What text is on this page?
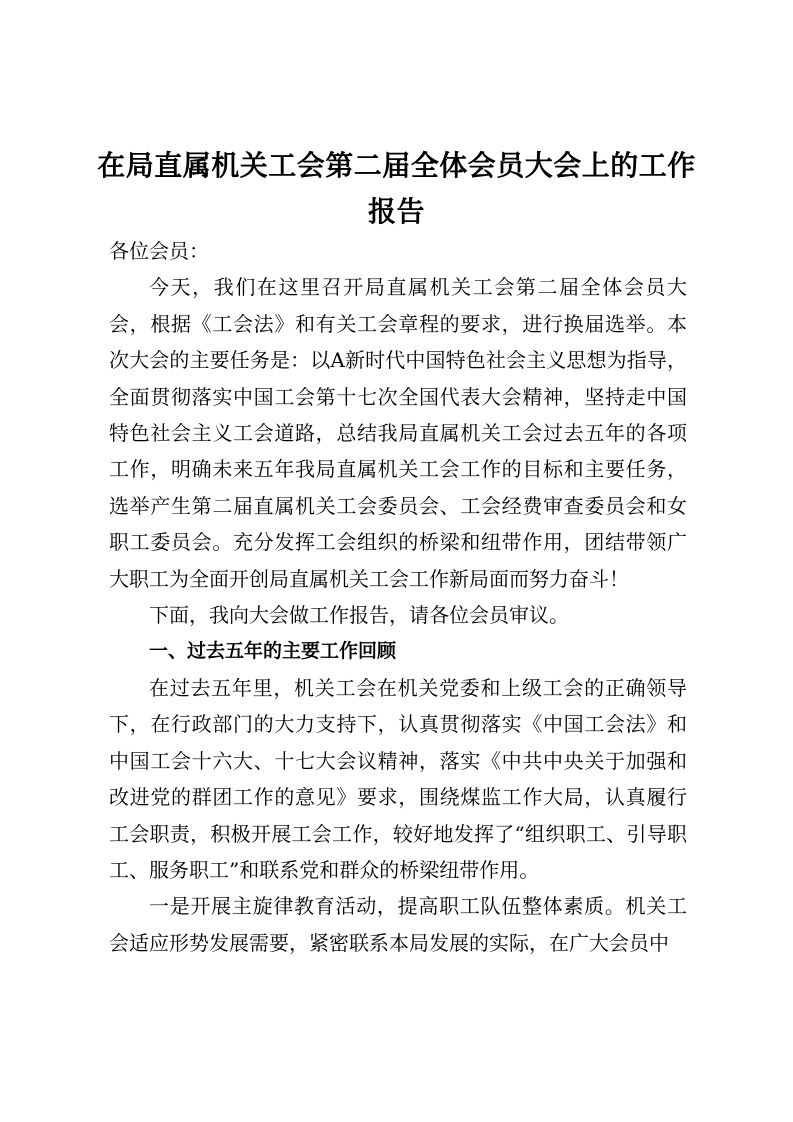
在局直属机关工会第二届全体会员大会上的工作报告

各位会员：

今天，我们在这里召开局直属机关工会第二届全体会员大会，根据《工会法》和有关工会章程的要求，进行换届选举。本次大会的主要任务是：以A新时代中国特色社会主义思想为指导，全面贯彻落实中国工会第十七次全国代表大会精神，坚持走中国特色社会主义工会道路，总结我局直属机关工会过去五年的各项工作，明确未来五年我局直属机关工会工作的目标和主要任务，选举产生第二届直属机关工会委员会、工会经费审查委员会和女职工委员会。充分发挥工会组织的桥梁和纽带作用，团结带领广大职工为全面开创局直属机关工会工作新局面而努力奋斗！

下面，我向大会做工作报告，请各位会员审议。

一、过去五年的主要工作回顾

在过去五年里，机关工会在机关党委和上级工会的正确领导下，在行政部门的大力支持下，认真贯彻落实《中国工会法》和中国工会十六大、十七大会议精神，落实《中共中央关于加强和改进党的群团工作的意见》要求，围绕煤监工作大局，认真履行工会职责，积极开展工会工作，较好地发挥了“组织职工、引导职工、服务职工”和联系党和群众的桥梁纽带作用。

一是开展主旋律教育活动，提高职工队伍整体素质。机关工会适应形势发展需要，紧密联系本局发展的实际，在广大会员中
